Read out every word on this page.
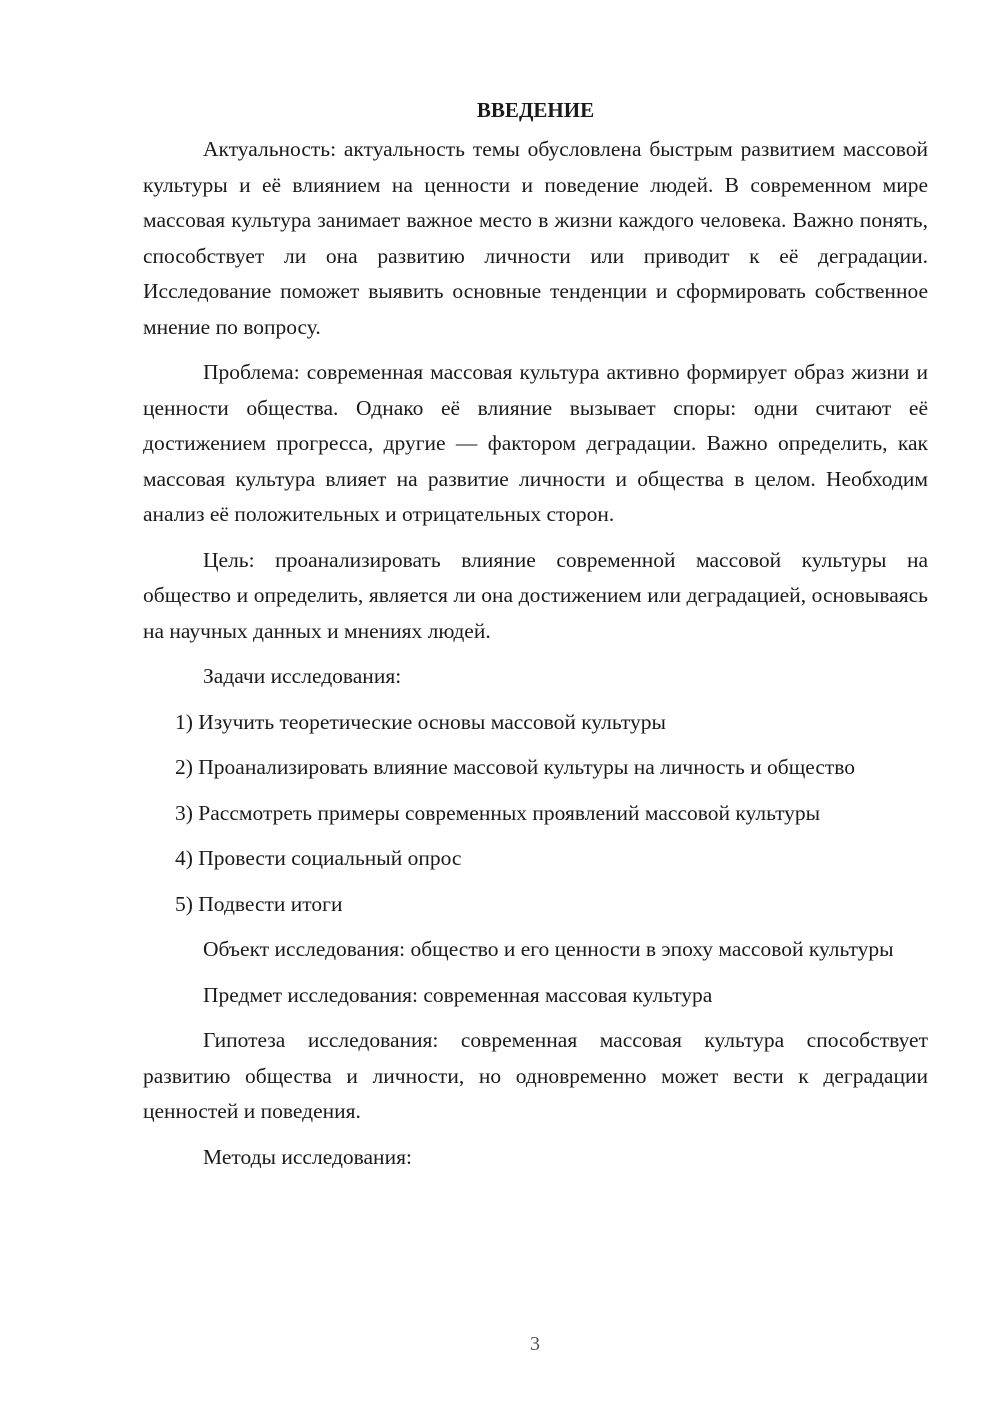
ВВЕДЕНИЕ

Актуальность: актуальность темы обусловлена быстрым развитием массовой культуры и её влиянием на ценности и поведение людей. В современном мире массовая культура занимает важное место в жизни каждого человека. Важно понять, способствует ли она развитию личности или приводит к её деградации. Исследование поможет выявить основные тенденции и сформировать собственное мнение по вопросу.

Проблема: современная массовая культура активно формирует образ жизни и ценности общества. Однако её влияние вызывает споры: одни считают её достижением прогресса, другие — фактором деградации. Важно определить, как массовая культура влияет на развитие личности и общества в целом. Необходим анализ её положительных и отрицательных сторон.

Цель: проанализировать влияние современной массовой культуры на общество и определить, является ли она достижением или деградацией, основываясь на научных данных и мнениях людей.

Задачи исследования:

1) Изучить теоретические основы массовой культуры

2) Проанализировать влияние массовой культуры на личность и общество

3) Рассмотреть примеры современных проявлений массовой культуры

4) Провести социальный опрос

5) Подвести итоги

Объект исследования: общество и его ценности в эпоху массовой культуры

Предмет исследования: современная массовая культура

Гипотеза исследования: современная массовая культура способствует развитию общества и личности, но одновременно может вести к деградации ценностей и поведения.

Методы исследования:

3
